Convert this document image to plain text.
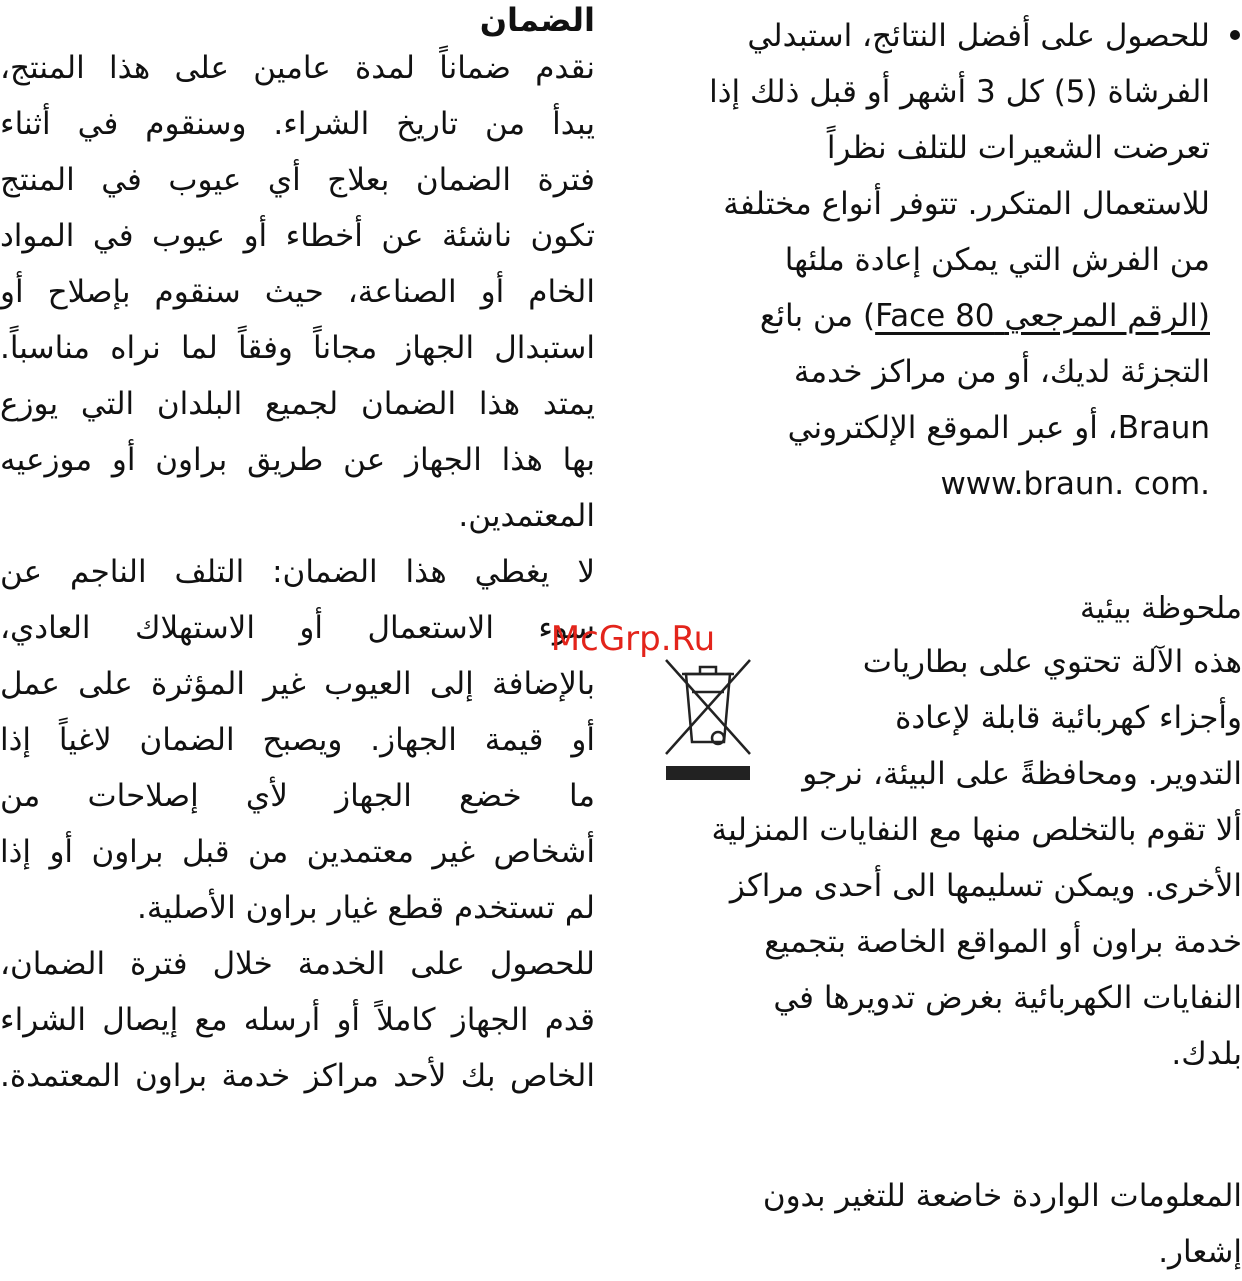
الضمان
نقدم ضماناً لمدة عامين على هذا المنتج،
يبدأ من تاريخ الشراء. وسنقوم في أثناء
فترة الضمان بعلاج أي عيوب في المنتج
تكون ناشئة عن أخطاء أو عيوب في المواد
الخام أو الصناعة، حيث سنقوم بإصلاح أو
استبدال الجهاز مجاناً وفقاً لما نراه مناسباً.
يمتد هذا الضمان لجميع البلدان التي يوزع
بها هذا الجهاز عن طريق براون أو موزعيه
المعتمدين.
لا يغطي هذا الضمان: التلف الناجم عن
سوء الاستعمال أو الاستهلاك العادي،
بالإضافة إلى العيوب غير المؤثرة على عمل
أو قيمة الجهاز. ويصبح الضمان لاغياً إذا
ما خضع الجهاز لأي إصلاحات من
أشخاص غير معتمدين من قبل براون أو إذا
لم تستخدم قطع غيار براون الأصلية.
للحصول على الخدمة خلال فترة الضمان،
قدم الجهاز كاملاً أو أرسله مع إيصال الشراء
الخاص بك لأحد مراكز خدمة براون المعتمدة.
للحصول على أفضل النتائج، استبدلي
الفرشاة (5) كل 3 أشهر أو قبل ذلك إذا
تعرضت الشعيرات للتلف نظراً
للاستعمال المتكرر. تتوفر أنواع مختلفة
من الفرش التي يمكن إعادة ملئها
(الرقم المرجعي Face 80) من بائع
التجزئة لديك، أو من مراكز خدمة
Braun، أو عبر الموقع الإلكتروني
www.braun. com.
ملحوظة بيئية
هذه الآلة تحتوي على بطاريات
وأجزاء كهربائية قابلة لإعادة
التدوير. ومحافظةً على البيئة، نرجو
ألا تقوم بالتخلص منها مع النفايات المنزلية
الأخرى. ويمكن تسليمها الى أحدى مراكز
خدمة براون أو المواقع الخاصة بتجميع
النفايات الكهربائية بغرض تدويرها في
بلدك.
المعلومات الواردة خاضعة للتغير بدون
إشعار.
McGrp.Ru
